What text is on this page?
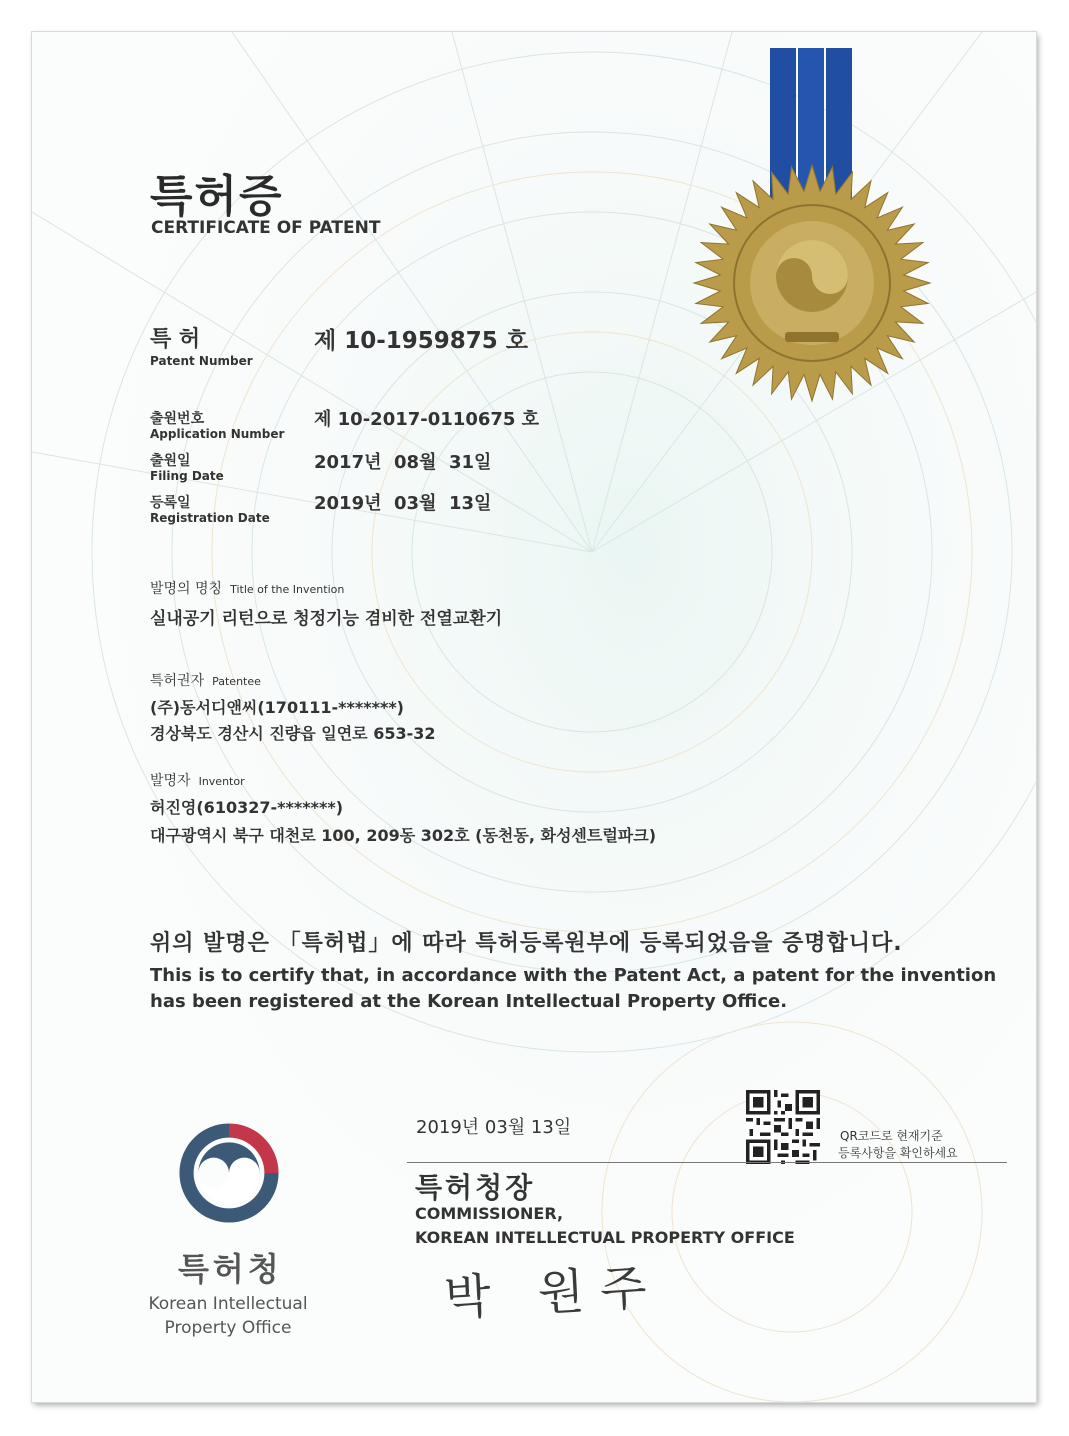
특허증
CERTIFICATE OF PATENT
특 허
Patent Number
제 10-1959875 호
출원번호
Application Number
제 10-2017-0110675 호
출원일
Filing Date
2017년  08월  31일
등록일
Registration Date
2019년  03월  13일
발명의 명칭 Title of the Invention
실내공기 리턴으로 청정기능 겸비한 전열교환기
특허권자 Patentee
(주)동서디앤씨(170111-*******)
경상북도 경산시 진량읍 일연로 653-32
발명자 Inventor
허진영(610327-*******)
대구광역시 북구 대천로 100, 209동 302호 (동천동, 화성센트럴파크)
위의 발명은 「특허법」에 따라 특허등록원부에 등록되었음을 증명합니다.
This is to certify that, in accordance with the Patent Act, a patent for the invention
has been registered at the Korean Intellectual Property Office.
2019년 03월 13일	QR코드로 현재기준
등록사항을 확인하세요
특허청장
COMMISSIONER,
KOREAN INTELLECTUAL PROPERTY OFFICE
박 원주
특허청
Korean Intellectual
Property Office
